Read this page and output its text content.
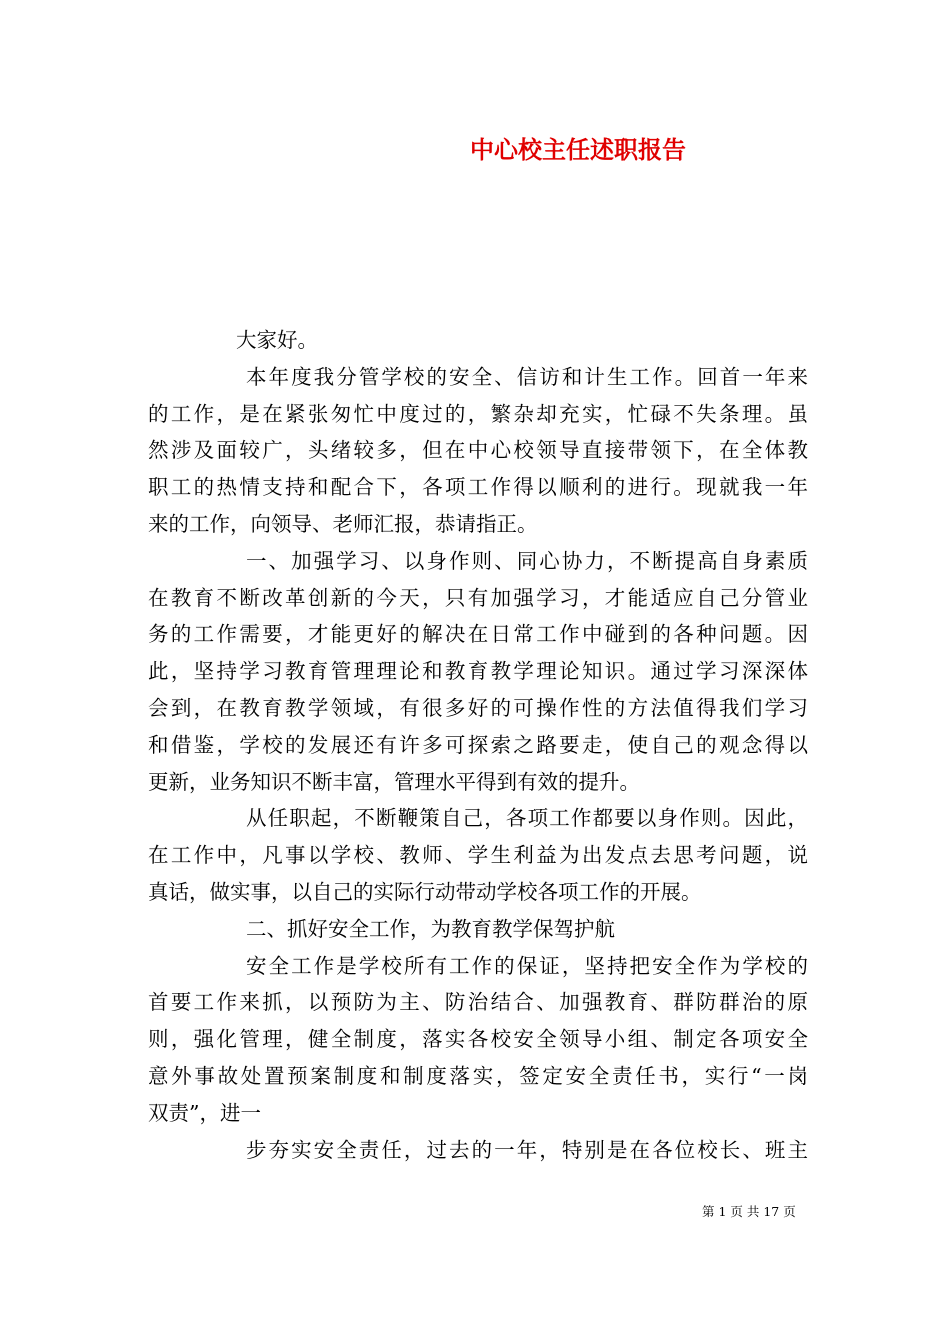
中心校主任述职报告
大家好。
本年度我分管学校的安全、信访和计生工作。回首一年来
的工作，是在紧张匆忙中度过的，繁杂却充实，忙碌不失条理。虽
然涉及面较广，头绪较多，但在中心校领导直接带领下，在全体教
职工的热情支持和配合下，各项工作得以顺利的进行。现就我一年
来的工作，向领导、老师汇报，恭请指正。
一、加强学习、以身作则、同心协力，不断提高自身素质
在教育不断改革创新的今天，只有加强学习，才能适应自己分管业
务的工作需要，才能更好的解决在日常工作中碰到的各种问题。因
此，坚持学习教育管理理论和教育教学理论知识。通过学习深深体
会到，在教育教学领域，有很多好的可操作性的方法值得我们学习
和借鉴，学校的发展还有许多可探索之路要走，使自己的观念得以
更新，业务知识不断丰富，管理水平得到有效的提升。
从任职起，不断鞭策自己，各项工作都要以身作则。因此，
在工作中，凡事以学校、教师、学生利益为出发点去思考问题，说
真话，做实事，以自己的实际行动带动学校各项工作的开展。
二、抓好安全工作，为教育教学保驾护航
安全工作是学校所有工作的保证，坚持把安全作为学校的
首要工作来抓，以预防为主、防治结合、加强教育、群防群治的原
则，强化管理，健全制度，落实各校安全领导小组、制定各项安全
意外事故处置预案制度和制度落实，签定安全责任书，实行“一岗
双责”，进一
步夯实安全责任，过去的一年，特别是在各位校长、班主
第 1 页 共 17 页
